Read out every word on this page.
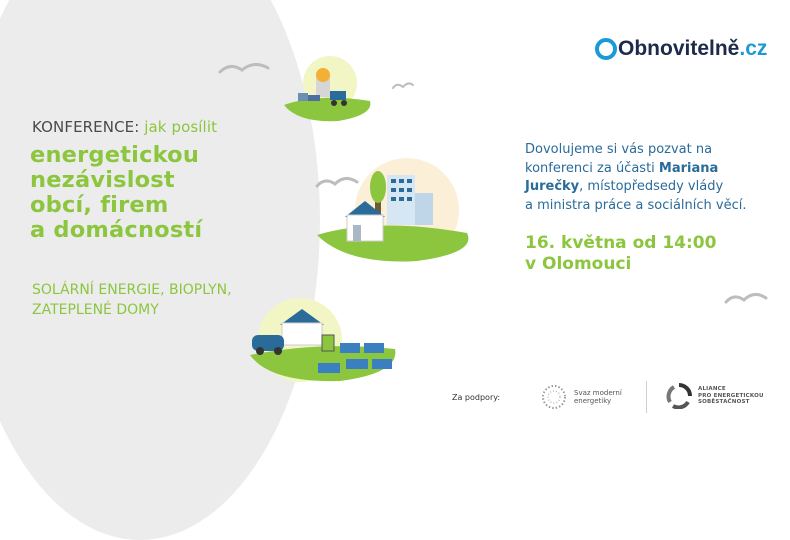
Obnovitelně .cz
KONFERENCE: jak posílit
energetickou
nezávislost
obcí, firem
a domácností
SOLÁRNÍ ENERGIE, BIOPLYN,
ZATEPLENÉ DOMY
Dovolujeme si vás pozvat na
konferenci za účasti Mariana
Jurečky, místopředsedy vlády
a ministra práce a sociálních věcí.
16. května od 14:00
v Olomouci
Za podpory:	Svaz moderní
energetiky
ALIANCE
PRO ENERGETICKOU
SOBĚSTAČNOST
